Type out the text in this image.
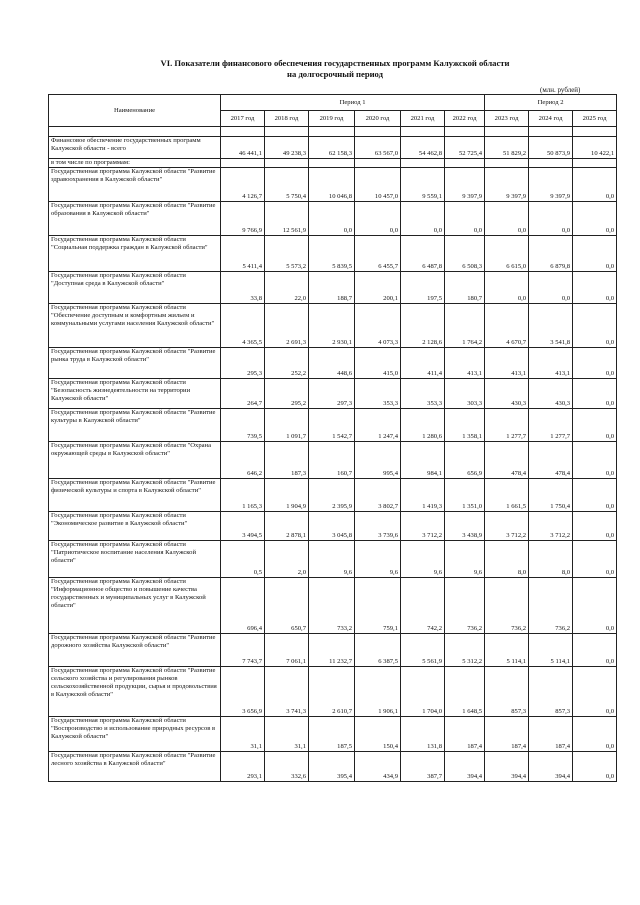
VI. Показатели финансового обеспечения государственных программ Калужской области
на долгосрочный период
(млн. рублей)
Наименование	Период 1						Период 2		
	2017 год	2018 год	2019 год	2020 год	2021 год	2022 год	2023 год	2024 год	2025 год

Финансовое обеспечение государственных программ Калужской области - всего	46 441,1	49 238,3	62 158,3	63 567,0	54 462,8	52 725,4	51 829,2	50 873,9	10 422,1
в том числе по программам:									
Государственная программа Калужской области "Развитие здравоохранения в Калужской области"	4 126,7	5 750,4	10 046,8	10 457,0	9 559,1	9 397,9	9 397,9	9 397,9	0,0
Государственная программа Калужской области "Развитие образования в Калужской области"	9 766,9	12 561,9	0,0	0,0	0,0	0,0	0,0	0,0	0,0
Государственная программа Калужской области "Социальная поддержка граждан в Калужской области"	5 411,4	5 573,2	5 839,5	6 455,7	6 487,8	6 508,3	6 615,0	6 879,8	0,0
Государственная программа Калужской области "Доступная среда в Калужской области"	33,8	22,0	188,7	200,1	197,5	180,7	0,0	0,0	0,0
Государственная программа Калужской области "Обеспечение доступным и комфортным жильем и коммунальными услугами населения Калужской области"	4 365,5	2 691,3	2 930,1	4 073,3	2 128,6	1 764,2	4 670,7	3 541,8	0,0
Государственная программа Калужской области "Развитие рынка труда в Калужской области"	295,3	252,2	448,6	415,0	411,4	413,1	413,1	413,1	0,0
Государственная программа Калужской области "Безопасность жизнедеятельности на территории Калужской области"	264,7	295,2	297,3	353,3	353,3	303,3	430,3	430,3	0,0
Государственная программа Калужской области "Развитие культуры в Калужской области"	739,5	1 091,7	1 542,7	1 247,4	1 280,6	1 358,1	1 277,7	1 277,7	0,0
Государственная программа Калужской области "Охрана окружающей среды в Калужской области"	646,2	187,3	160,7	995,4	984,1	656,9	478,4	478,4	0,0
Государственная программа Калужской области "Развитие физической культуры и спорта в Калужской области"	1 165,3	1 904,9	2 395,9	3 802,7	1 419,3	1 351,0	1 661,5	1 750,4	0,0
Государственная программа Калужской области "Экономическое развитие в Калужской области"	3 494,5	2 878,1	3 045,8	3 739,6	3 712,2	3 438,9	3 712,2	3 712,2	0,0
Государственная программа Калужской области "Патриотическое воспитание населения Калужской области"	0,5	2,0	9,6	9,6	9,6	9,6	8,0	8,0	0,0
Государственная программа Калужской области "Информационное общество и повышение качества государственных и муниципальных услуг в Калужской области"	696,4	650,7	733,2	759,1	742,2	736,2	736,2	736,2	0,0
Государственная программа Калужской области "Развитие дорожного хозяйства Калужской области"	7 743,7	7 061,1	11 232,7	6 387,5	5 561,9	5 312,2	5 114,1	5 114,1	0,0
Государственная программа Калужской области "Развитие сельского хозяйства и регулирования рынков сельскохозяйственной продукции, сырья и продовольствия в Калужской области"	3 656,9	3 741,3	2 610,7	1 906,1	1 704,0	1 648,5	857,3	857,3	0,0
Государственная программа Калужской области "Воспроизводство и использование природных ресурсов в Калужской области"	31,1	31,1	187,5	150,4	131,8	187,4	187,4	187,4	0,0
Государственная программа Калужской области "Развитие лесного хозяйства в Калужской области"	293,1	332,6	395,4	434,9	387,7	394,4	394,4	394,4	0,0
